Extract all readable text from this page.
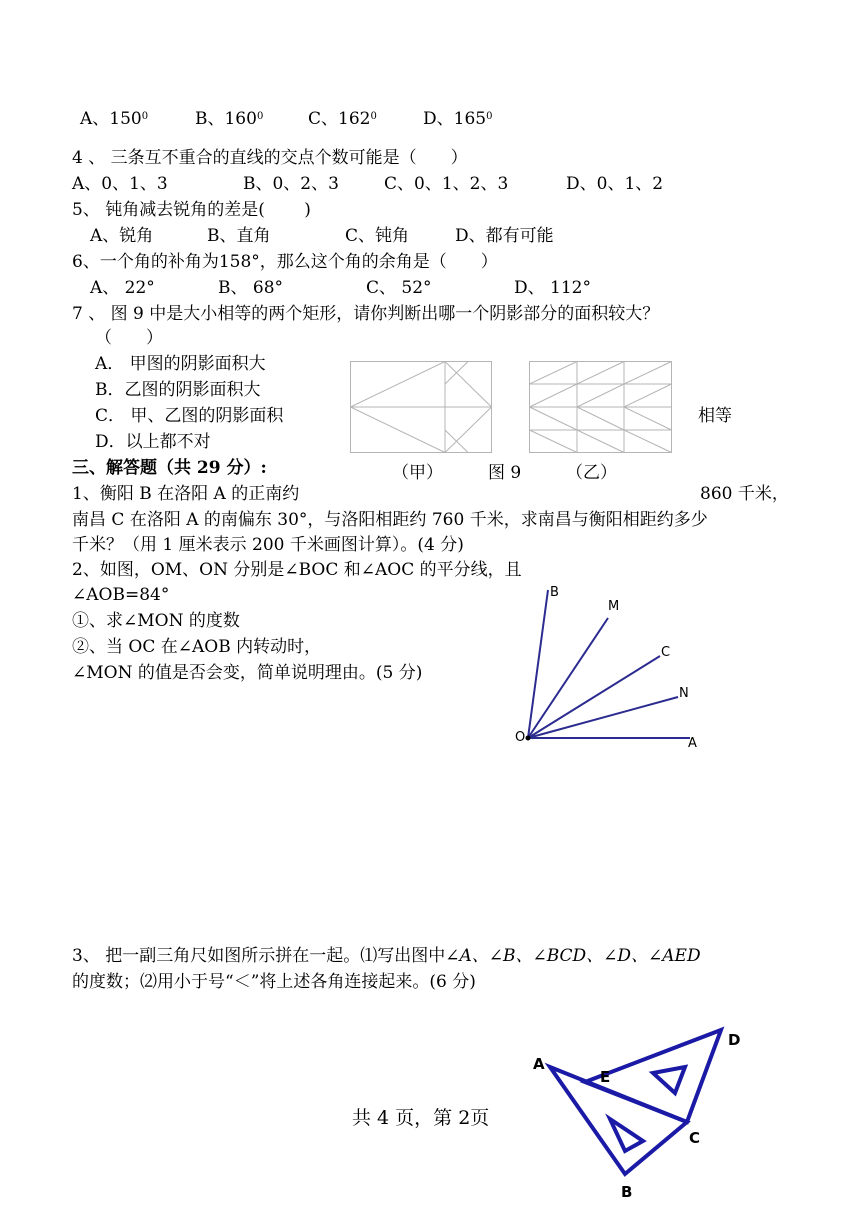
A、$150^0$	B、$160^0$	C、$162^0$	D、$165^0$
4 、 三条互不重合的直线的交点个数可能是（　　）
A、0、1、3	B、0、2、3	C、0、1、2、3	D、0、1、2
5、 钝角减去锐角的差是(　　 )
A、锐角	B、直角	C、钝角	D、都有可能
6、一个角的补角为158°，那么这个角的余角是（　　）
A、 22°	B、 68°	C、 52°	D、 112°
7 、 图 9 中是大小相等的两个矩形，请你判断出哪一个阴影部分的面积较大？
（　　）
A． 甲图的阴影面积大
B．乙图的阴影面积大
C． 甲、乙图的阴影面积	相等
D．以上都不对
（甲）	图 9	（乙）
三、解答题（共 29 分）:
1、衡阳 B 在洛阳 A 的正南约	860 千米，
南昌 C 在洛阳 A 的南偏东 30°，与洛阳相距约 760 千米，求南昌与衡阳相距约多少
千米？（用 1 厘米表示 200 千米画图计算）。(4 分)
2、如图，OM、ON 分别是∠BOC 和∠AOC 的平分线，且
∠AOB=84°
①、求∠MON 的度数
②、当 OC 在∠AOB 内转动时，
∠MON 的值是否会变，简单说明理由。(5 分)
B
M
C
N
O	A
3、 把一副三角尺如图所示拼在一起。⑴写出图中∠A、∠B、∠BCD、∠D、∠AED
的度数；⑵用小于号“＜”将上述各角连接起来。(6 分)
A
D
E
C
B
共 4 页，第 2页
